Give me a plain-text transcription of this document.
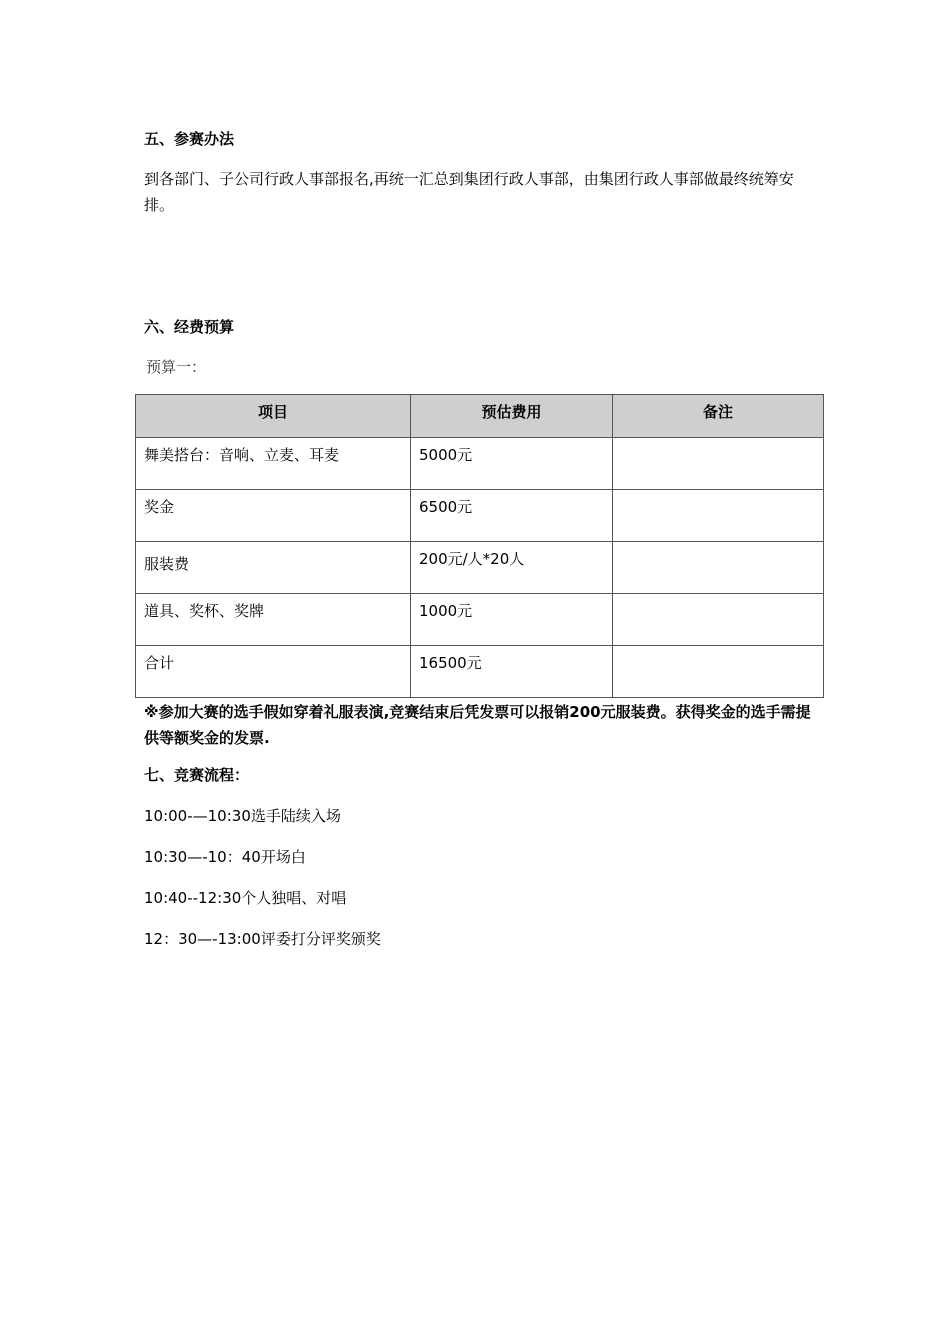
五、参赛办法
到各部门、子公司行政人事部报名,再统一汇总到集团行政人事部，由集团行政人事部做最终统筹安排。
六、经费预算
预算一：
项目	预估费用	备注
舞美搭台：音响、立麦、耳麦	5000元	
奖金	6500元	
服装费	200元/人*20人	
道具、奖杯、奖牌	1000元	
合计	16500元	
※参加大赛的选手假如穿着礼服表演,竞赛结束后凭发票可以报销200元服装费。获得奖金的选手需提供等额奖金的发票.
七、竞赛流程：
10:00-—10:30选手陆续入场
10:30—-10：40开场白
10:40--12:30个人独唱、对唱
12：30—-13:00评委打分评奖颁奖
